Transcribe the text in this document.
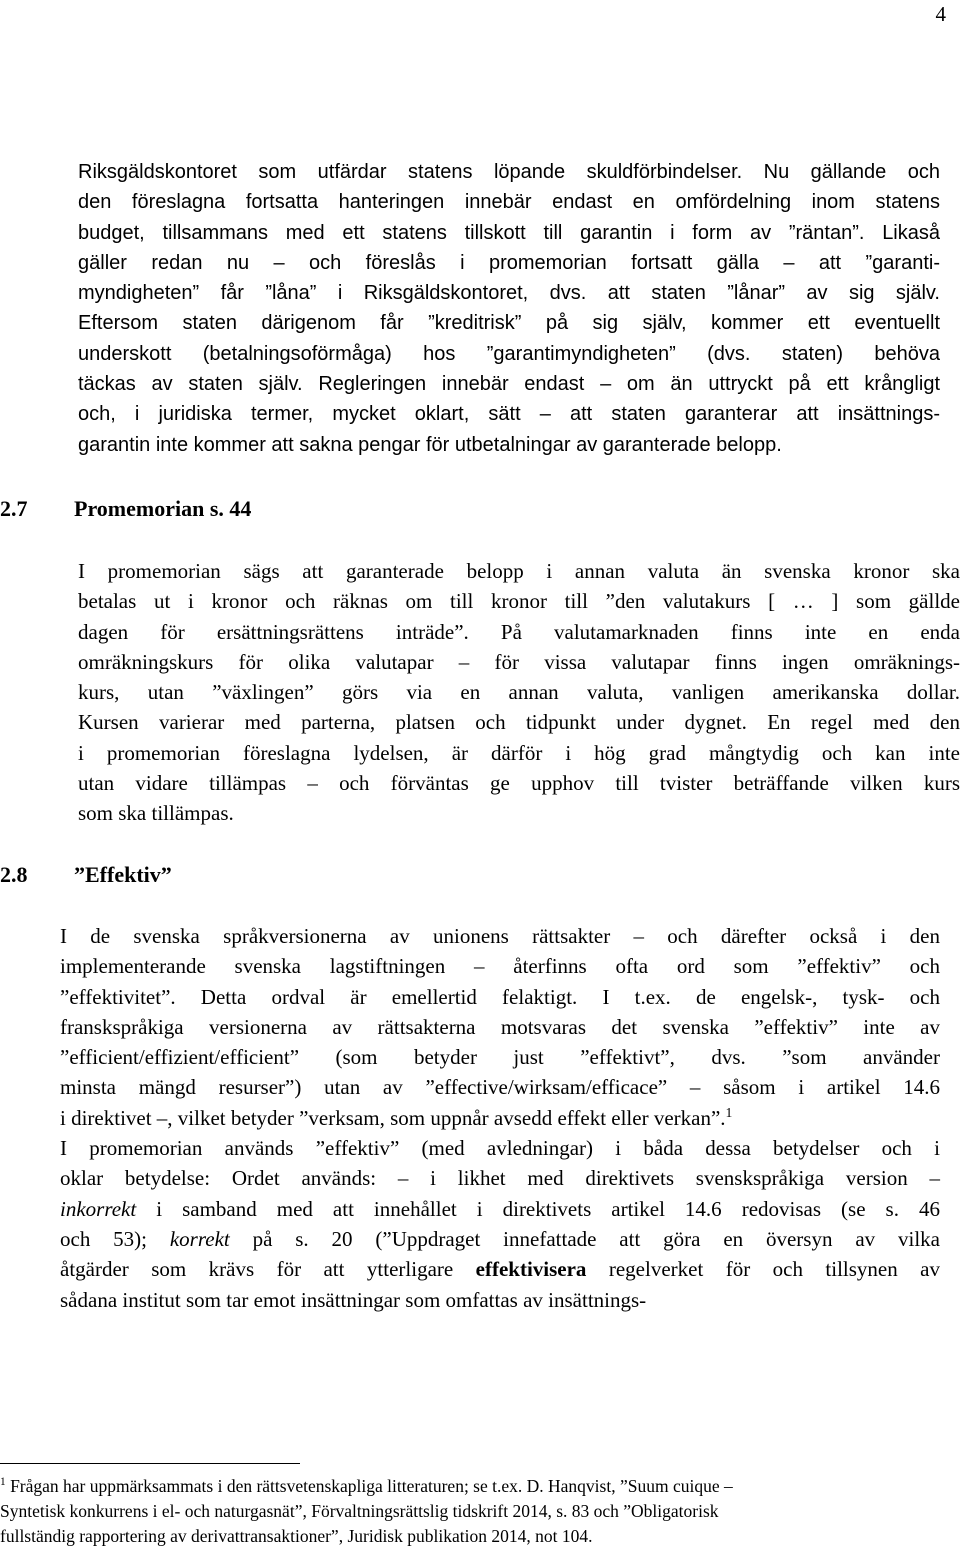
4
Riksgäldskontoret som utfärdar statens löpande skuldförbindelser. Nu gällande och
den föreslagna fortsatta hanteringen innebär endast en omfördelning inom statens
budget, tillsammans med ett statens tillskott till garantin i form av ”räntan”. Likaså
gäller redan nu – och föreslås i promemorian fortsatt gälla – att ”garanti-
myndigheten” får ”låna” i Riksgäldskontoret, dvs. att staten ”lånar” av sig själv.
Eftersom staten därigenom får ”kreditrisk” på sig själv, kommer ett eventuellt
underskott (betalningsoförmåga) hos ”garantimyndigheten” (dvs. staten) behöva
täckas av staten själv. Regleringen innebär endast – om än uttryckt på ett krångligt
och, i juridiska termer, mycket oklart, sätt – att staten garanterar att insättnings-
garantin inte kommer att sakna pengar för utbetalningar av garanterade belopp.
2.7 Promemorian s. 44
I promemorian sägs att garanterade belopp i annan valuta än svenska kronor ska
betalas ut i kronor och räknas om till kronor till ”den valutakurs [ … ] som gällde
dagen för ersättningsrättens inträde”. På valutamarknaden finns inte en enda
omräkningskurs för olika valutapar – för vissa valutapar finns ingen omräknings-
kurs, utan ”växlingen” görs via en annan valuta, vanligen amerikanska dollar.
Kursen varierar med parterna, platsen och tidpunkt under dygnet. En regel med den
i promemorian föreslagna lydelsen, är därför i hög grad mångtydig och kan inte
utan vidare tillämpas – och förväntas ge upphov till tvister beträffande vilken kurs
som ska tillämpas.
2.8 ”Effektiv”
I de svenska språkversionerna av unionens rättsakter – och därefter också i den
implementerande svenska lagstiftningen – återfinns ofta ord som ”effektiv” och
”effektivitet”. Detta ordval är emellertid felaktigt. I t.ex. de engelsk-, tysk- och
franskspråkiga versionerna av rättsakterna motsvaras det svenska ”effektiv” inte av
”efficient/effizient/efficient” (som betyder just ”effektivt”, dvs. ”som använder
minsta mängd resurser”) utan av ”effective/wirksam/efficace” – såsom i artikel 14.6
i direktivet –, vilket betyder ”verksam, som uppnår avsedd effekt eller verkan”.$^1$
I promemorian används ”effektiv” (med avledningar) i båda dessa betydelser och i
oklar betydelse: Ordet används: – i likhet med direktivets svenskspråkiga version –
inkorrekt i samband med att innehållet i direktivets artikel 14.6 redovisas (se s. 46
och 53); korrekt på s. 20 (”Uppdraget innefattade att göra en översyn av vilka
åtgärder som krävs för att ytterligare effektivisera regelverket för och tillsynen av
sådana institut som tar emot insättningar som omfattas av insättnings-
$^1$ Frågan har uppmärksammats i den rättsvetenskapliga litteraturen; se t.ex. D. Hanqvist, ”Suum cuique –
Syntetisk konkurrens i el- och naturgasnät”, Förvaltningsrättslig tidskrift 2014, s. 83 och ”Obligatorisk
fullständig rapportering av derivattransaktioner”, Juridisk publikation 2014, not 104.
